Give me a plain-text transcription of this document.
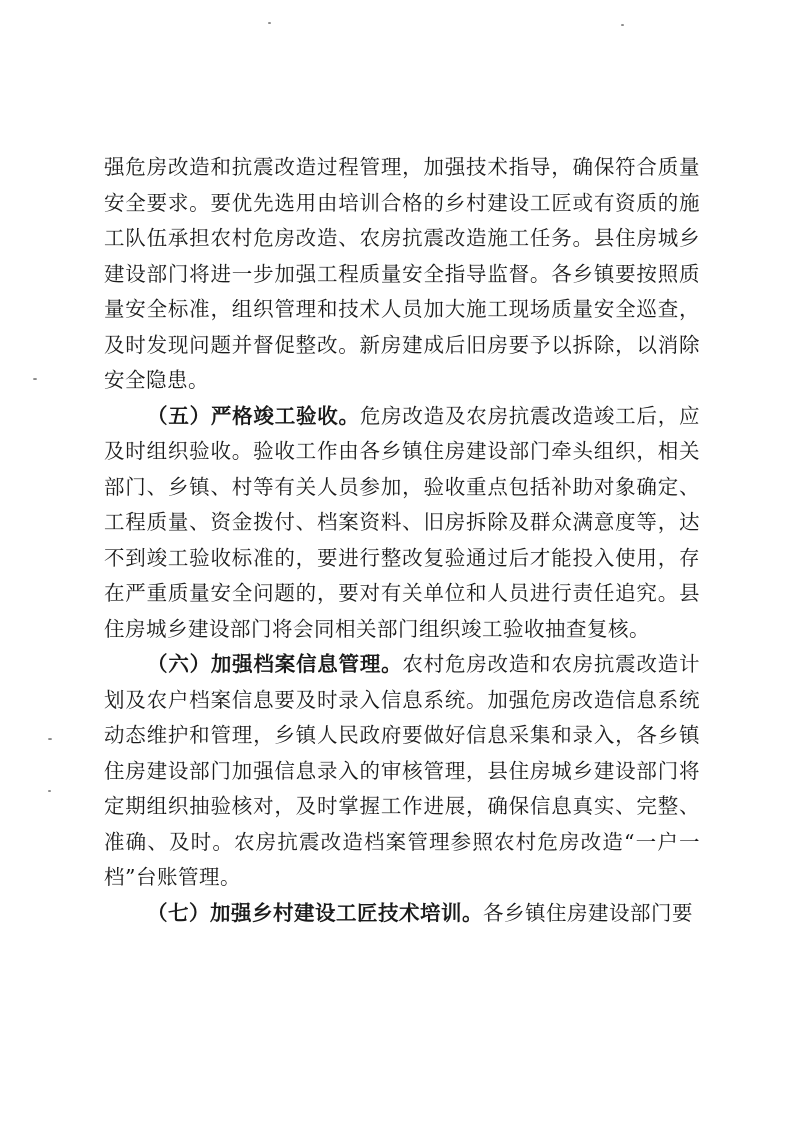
强危房改造和抗震改造过程管理，加强技术指导，确保符合质量安全要求。要优先选用由培训合格的乡村建设工匠或有资质的施工队伍承担农村危房改造、农房抗震改造施工任务。县住房城乡建设部门将进一步加强工程质量安全指导监督。各乡镇要按照质量安全标准，组织管理和技术人员加大施工现场质量安全巡查，及时发现问题并督促整改。新房建成后旧房要予以拆除，以消除安全隐患。

（五）严格竣工验收。危房改造及农房抗震改造竣工后，应及时组织验收。验收工作由各乡镇住房建设部门牵头组织，相关部门、乡镇、村等有关人员参加，验收重点包括补助对象确定、工程质量、资金拨付、档案资料、旧房拆除及群众满意度等，达不到竣工验收标准的，要进行整改复验通过后才能投入使用，存在严重质量安全问题的，要对有关单位和人员进行责任追究。县住房城乡建设部门将会同相关部门组织竣工验收抽查复核。

（六）加强档案信息管理。农村危房改造和农房抗震改造计划及农户档案信息要及时录入信息系统。加强危房改造信息系统动态维护和管理，乡镇人民政府要做好信息采集和录入，各乡镇住房建设部门加强信息录入的审核管理，县住房城乡建设部门将定期组织抽验核对，及时掌握工作进展，确保信息真实、完整、准确、及时。农房抗震改造档案管理参照农村危房改造“一户一档”台账管理。

（七）加强乡村建设工匠技术培训。各乡镇住房建设部门要
